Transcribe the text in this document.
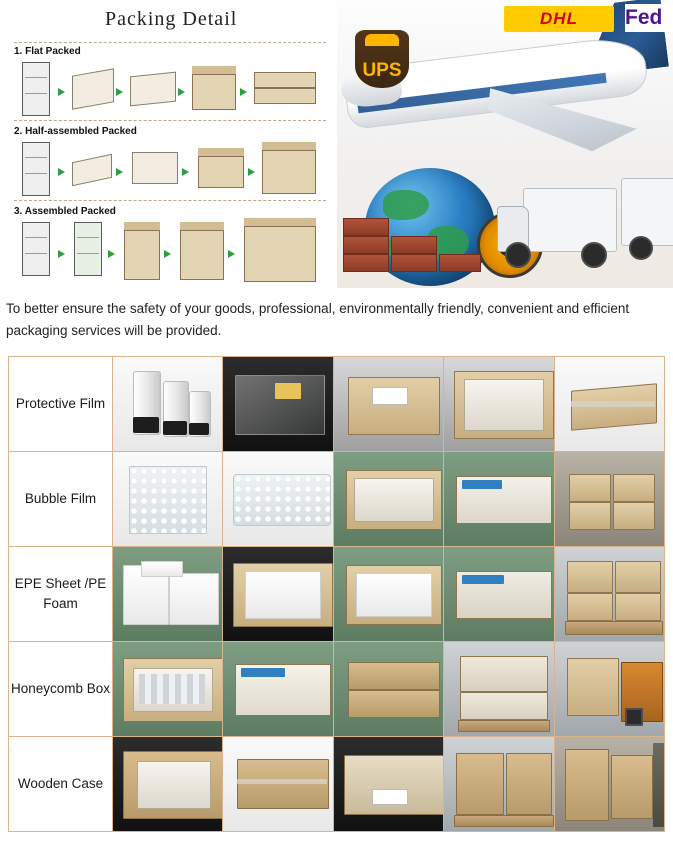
Packing Detail
1. Flat Packed
2. Half-assembled Packed
3. Assembled Packed
DHL Fed
UPS
To better ensure the safety of your goods, professional, environmentally friendly, convenient and efficient packaging services will be provided.
Protective Film	

Bubble Film	

EPE Sheet /PE Foam	

Honeycomb Box	

Wooden Case	
